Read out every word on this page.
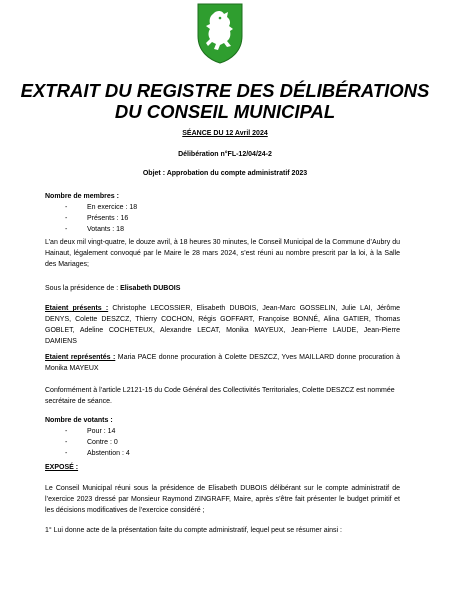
EXTRAIT DU REGISTRE DES DÉLIBÉRATIONS
DU CONSEIL MUNICIPAL
SÉANCE DU 12 Avril 2024
Délibération n°FL-12/04/24-2
Objet : Approbation du compte administratif 2023
Nombre de membres :
- En exercice : 18
- Présents : 16
- Votants : 18
L’an deux mil vingt-quatre, le douze avril, à 18 heures 30 minutes, le Conseil Municipal de la Commune d’Aubry du Hainaut, légalement convoqué par le Maire le 28 mars 2024, s’est réuni au nombre prescrit par la loi, à la Salle des Mariages;
Sous la présidence de : Elisabeth DUBOIS
Etaient présents : Christophe LECOSSIER, Elisabeth DUBOIS, Jean-Marc GOSSELIN, Julie LAI, Jérôme DENYS, Colette DESZCZ, Thierry COCHON, Régis GOFFART, Françoise BONNÉ, Alina GATIER, Thomas GOBLET, Adeline COCHETEUX, Alexandre LECAT, Monika MAYEUX, Jean-Pierre LAUDE, Jean-Pierre DAMIENS
Etaient représentés : Maria PACE donne procuration à Colette DESZCZ, Yves MAILLARD donne procuration à Monika MAYEUX
Conformément à l’article L2121-15 du Code Général des Collectivités Territoriales, Colette DESZCZ est nommée secrétaire de séance.
Nombre de votants :
- Pour : 14
- Contre : 0
- Abstention : 4
EXPOSÉ :
Le Conseil Municipal réuni sous la présidence de Elisabeth DUBOIS délibérant sur le compte administratif de l’exercice 2023 dressé par Monsieur Raymond ZINGRAFF, Maire, après s’être fait présenter le budget primitif et les décisions modificatives de l’exercice considéré ;
1° Lui donne acte de la présentation faite du compte administratif, lequel peut se résumer ainsi :
